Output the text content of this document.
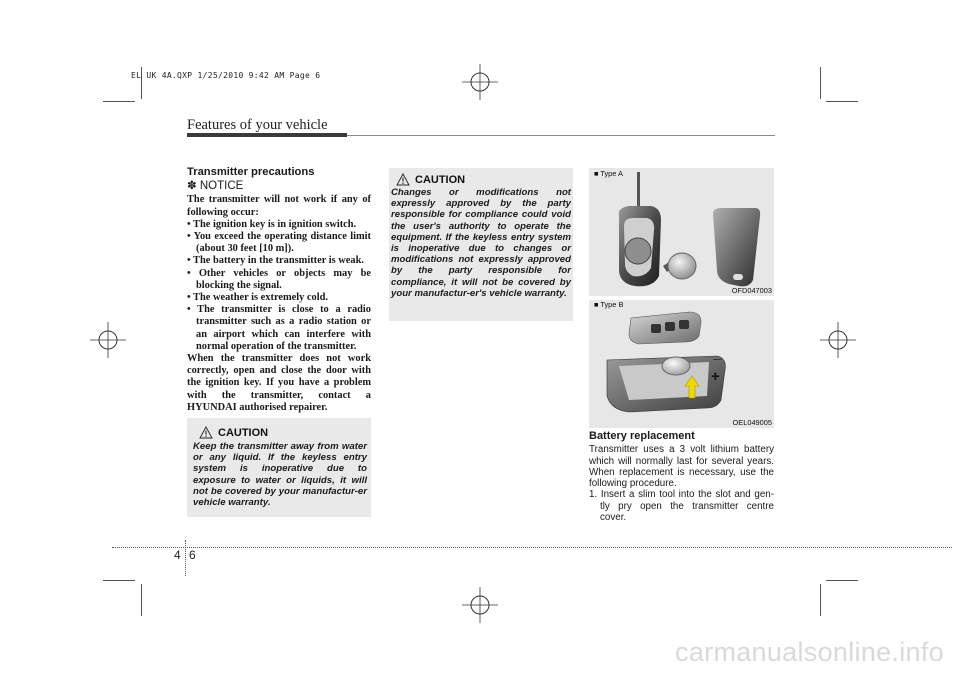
EL UK 4A.QXP 1/25/2010 9:42 AM Page 6
Features of your vehicle

Transmitter precautions

✽ NOTICE

The transmitter will not work if any of following occur:

• The ignition key is in ignition switch.

• You exceed the operating distance limit (about 30 feet [10 m]).

• The battery in the transmitter is weak.

• Other vehicles or objects may be blocking the signal.

• The weather is extremely cold.

• The transmitter is close to a radio transmitter such as a radio station or an airport which can interfere with normal operation of the transmitter.

When the transmitter does not work correctly, open and close the door with the ignition key. If you have a problem with the transmitter, contact a HYUNDAI authorised repairer.

CAUTION
Keep the transmitter away from water or any liquid. If the keyless entry system is inoperative due to exposure to water or liquids, it will not be covered by your manufactur-er vehicle warranty.
CAUTION
Changes or modifications not expressly approved by the party responsible for compliance could void the user's authority to operate the equipment. If the keyless entry system is inoperative due to changes or modifications not expressly approved by the party responsible for compliance, it will not be covered by your manufactur-er's vehicle warranty.
■ Type A
OFD047003
■ Type B
_
+
OEL049005

Battery replacement

Transmitter uses a 3 volt lithium battery which will normally last for several years. When replacement is necessary, use the following procedure.

1. Insert a slim tool into the slot and gen-tly pry open the transmitter centre cover.

4 6
carmanualsonline.info
